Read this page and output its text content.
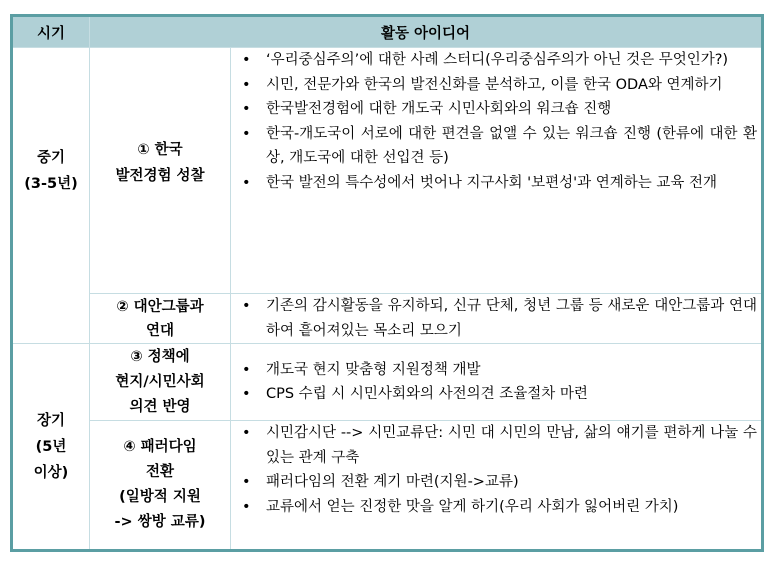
시기	활동 아이디어
중기
(3-5년)
① 한국
발전경험 성찰
• ‘우리중심주의’에 대한 사례 스터디(우리중심주의가 아닌 것은 무엇인가?)
• 시민, 전문가와 한국의 발전신화를 분석하고, 이를 한국 ODA와 연계하기
• 한국발전경험에 대한 개도국 시민사회와의 워크숍 진행
• 한국-개도국이 서로에 대한 편견을 없앨 수 있는 워크숍 진행 (한류에 대한 환상, 개도국에 대한 선입견 등)
• 한국 발전의 특수성에서 벗어나 지구사회 '보편성'과 연계하는 교육 전개
② 대안그룹과
연대
• 기존의 감시활동을 유지하되, 신규 단체, 청년 그룹 등 새로운 대안그룹과 연대하여 흩어져있는 목소리 모으기
장기
(5년
이상)
③ 정책에
현지/시민사회
의견 반영
• 개도국 현지 맞춤형 지원정책 개발
• CPS 수립 시 시민사회와의 사전의견 조율절차 마련
④ 패러다임
전환
(일방적 지원
-> 쌍방 교류)
• 시민감시단 --> 시민교류단: 시민 대 시민의 만남, 삶의 얘기를 편하게 나눌 수 있는 관계 구축
• 패러다임의 전환 계기 마련(지원->교류)
• 교류에서 얻는 진정한 맛을 알게 하기(우리 사회가 잃어버린 가치)
